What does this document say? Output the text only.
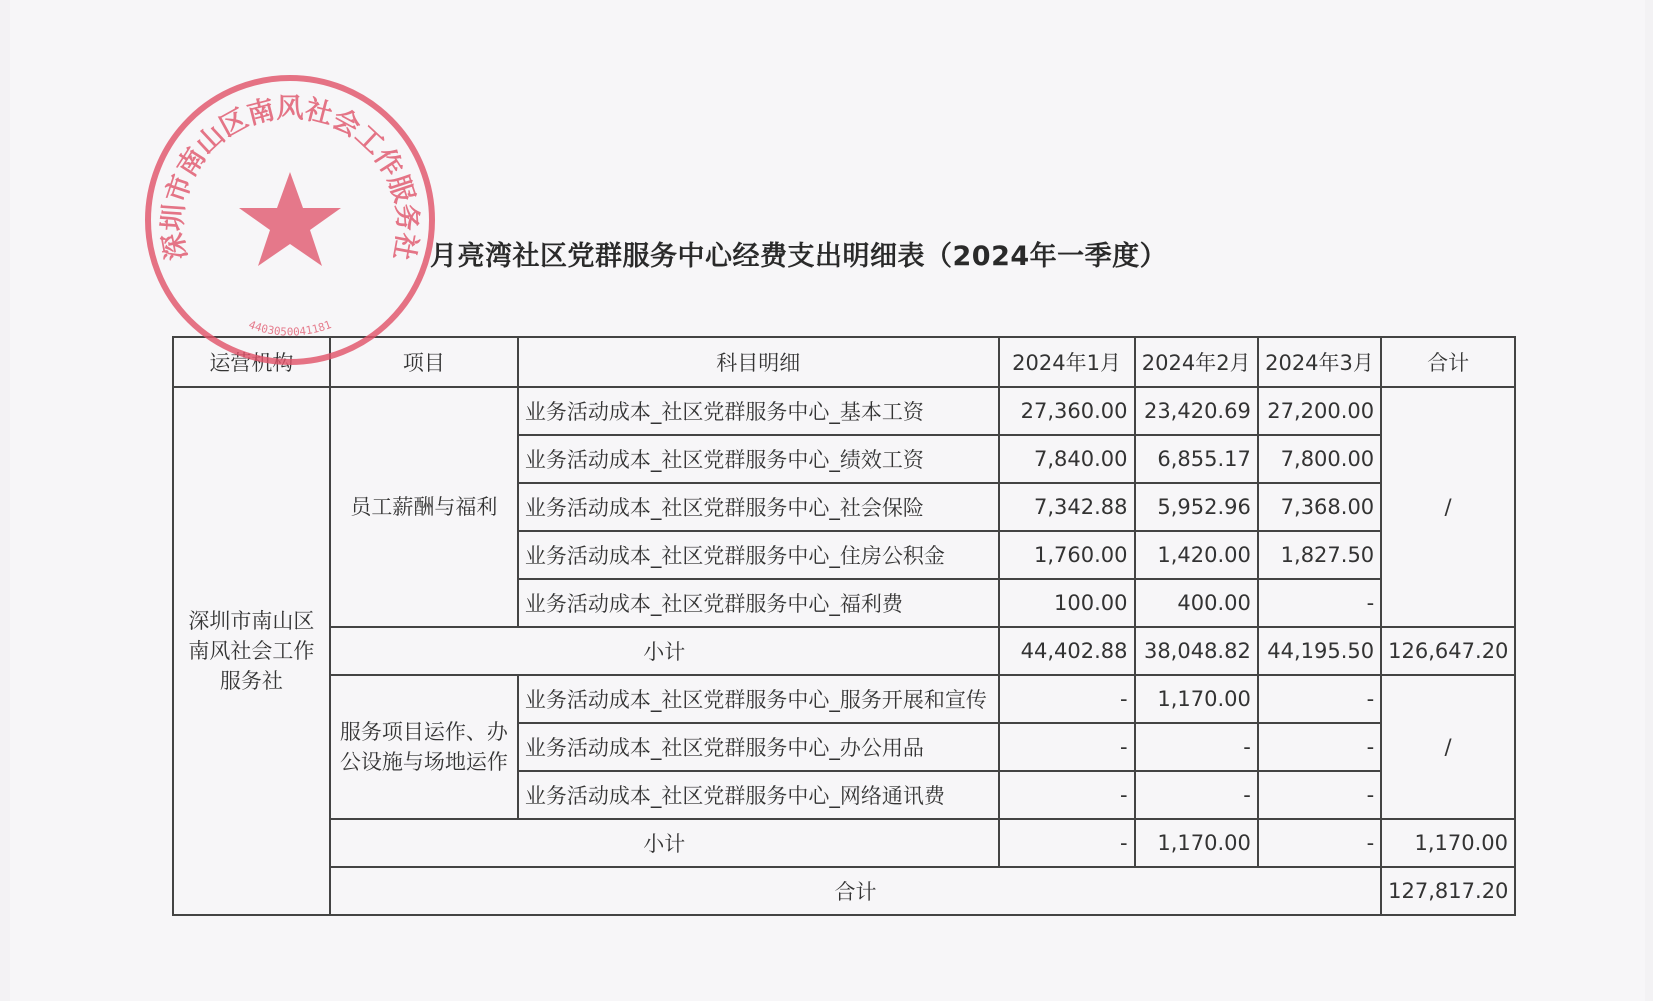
月亮湾社区党群服务中心经费支出明细表（2024年一季度）
运营机构	项目	科目明细	2024年1月	2024年2月	2024年3月	合计
深圳市南山区南风社会工作服务社	员工薪酬与福利	业务活动成本_社区党群服务中心_基本工资	27,360.00	23,420.69	27,200.00	/
		业务活动成本_社区党群服务中心_绩效工资	7,840.00	6,855.17	7,800.00	
		业务活动成本_社区党群服务中心_社会保险	7,342.88	5,952.96	7,368.00	
		业务活动成本_社区党群服务中心_住房公积金	1,760.00	1,420.00	1,827.50	
		业务活动成本_社区党群服务中心_福利费	100.00	400.00	-	
	小计		44,402.88	38,048.82	44,195.50	126,647.20
	服务项目运作、办公设施与场地运作	业务活动成本_社区党群服务中心_服务开展和宣传	-	1,170.00	-	/
		业务活动成本_社区党群服务中心_办公用品	-	-	-	
		业务活动成本_社区党群服务中心_网络通讯费	-	-	-	
	小计		-	1,170.00	-	1,170.00
	合计					127,817.20
深圳市南山区南风社会工作服务社
4403050041181
